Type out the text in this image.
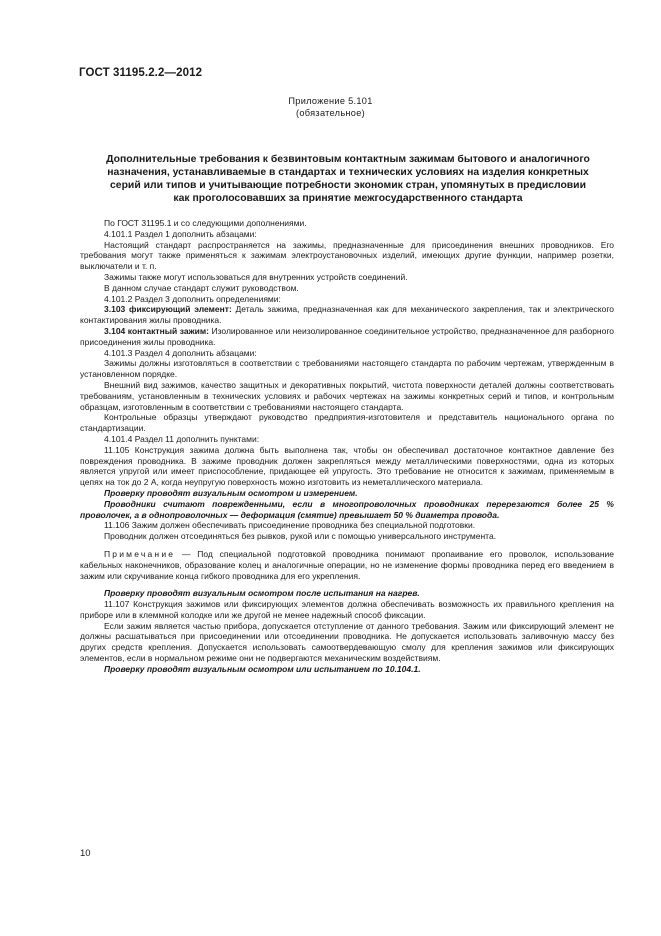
ГОСТ 31195.2.2—2012
Приложение 5.101
(обязательное)
Дополнительные требования к безвинтовым контактным зажимам бытового и аналогичного
назначения, устанавливаемые в стандартах и технических условиях на изделия конкретных
серий или типов и учитывающие потребности экономик стран, упомянутых в предисловии
как проголосовавших за принятие межгосударственного стандарта

По ГОСТ 31195.1 и со следующими дополнениями.

4.101.1 Раздел 1 дополнить абзацами:

Настоящий стандарт распространяется на зажимы, предназначенные для присоединения внешних проводников. Его требования могут также применяться к зажимам электроустановочных изделий, имеющих другие функции, например розетки, выключатели и т. п.

Зажимы также могут использоваться для внутренних устройств соединений.

В данном случае стандарт служит руководством.

4.101.2 Раздел 3 дополнить определениями:

3.103 фиксирующий элемент: Деталь зажима, предназначенная как для механического закрепления, так и электрического контактирования жилы проводника.

3.104 контактный зажим: Изолированное или неизолированное соединительное устройство, предназначенное для разборного присоединения жилы проводника.

4.101.3 Раздел 4 дополнить абзацами:

Зажимы должны изготовляться в соответствии с требованиями настоящего стандарта по рабочим чертежам, утвержденным в установленном порядке.

Внешний вид зажимов, качество защитных и декоративных покрытий, чистота поверхности деталей должны соответствовать требованиям, установленным в технических условиях и рабочих чертежах на зажимы конкретных серий и типов, и контрольным образцам, изготовленным в соответствии с требованиями настоящего стандарта.

Контрольные образцы утверждают руководство предприятия-изготовителя и представитель национального органа по стандартизации.

4.101.4 Раздел 11 дополнить пунктами:

11.105 Конструкция зажима должна быть выполнена так, чтобы он обеспечивал достаточное контактное давление без повреждения проводника. В зажиме проводник должен закрепляться между металлическими поверхностями, одна из которых является упругой или имеет приспособление, придающее ей упругость. Это требование не относится к зажимам, применяемым в цепях на ток до 2 А, когда неупругую поверхность можно изготовить из неметаллического материала.

Проверку проводят визуальным осмотром и измерением.

Проводники считают поврежденными, если в многопроволочных проводниках перерезаются более 25 % проволочек, а в однопроволочных — деформация (смятие) превышает 50 % диаметра провода.

11.106 Зажим должен обеспечивать присоединение проводника без специальной подготовки.

Проводник должен отсоединяться без рывков, рукой или с помощью универсального инструмента.

Примечание — Под специальной подготовкой проводника понимают пропаивание его проволок, использование кабельных наконечников, образование колец и аналогичные операции, но не изменение формы проводника перед его введением в зажим или скручивание конца гибкого проводника для его укрепления.

Проверку проводят визуальным осмотром после испытания на нагрев.

11.107 Конструкция зажимов или фиксирующих элементов должна обеспечивать возможность их правильного крепления на приборе или в клеммной колодке или же другой не менее надежный способ фиксации.

Если зажим является частью прибора, допускается отступление от данного требования. Зажим или фиксирующий элемент не должны расшатываться при присоединении или отсоединении проводника. Не допускается использовать заливочную массу без других средств крепления. Допускается использовать самоотвердевающую смолу для крепления зажимов или фиксирующих элементов, если в нормальном режиме они не подвергаются механическим воздействиям.

Проверку проводят визуальным осмотром или испытанием по 10.104.1.

10
